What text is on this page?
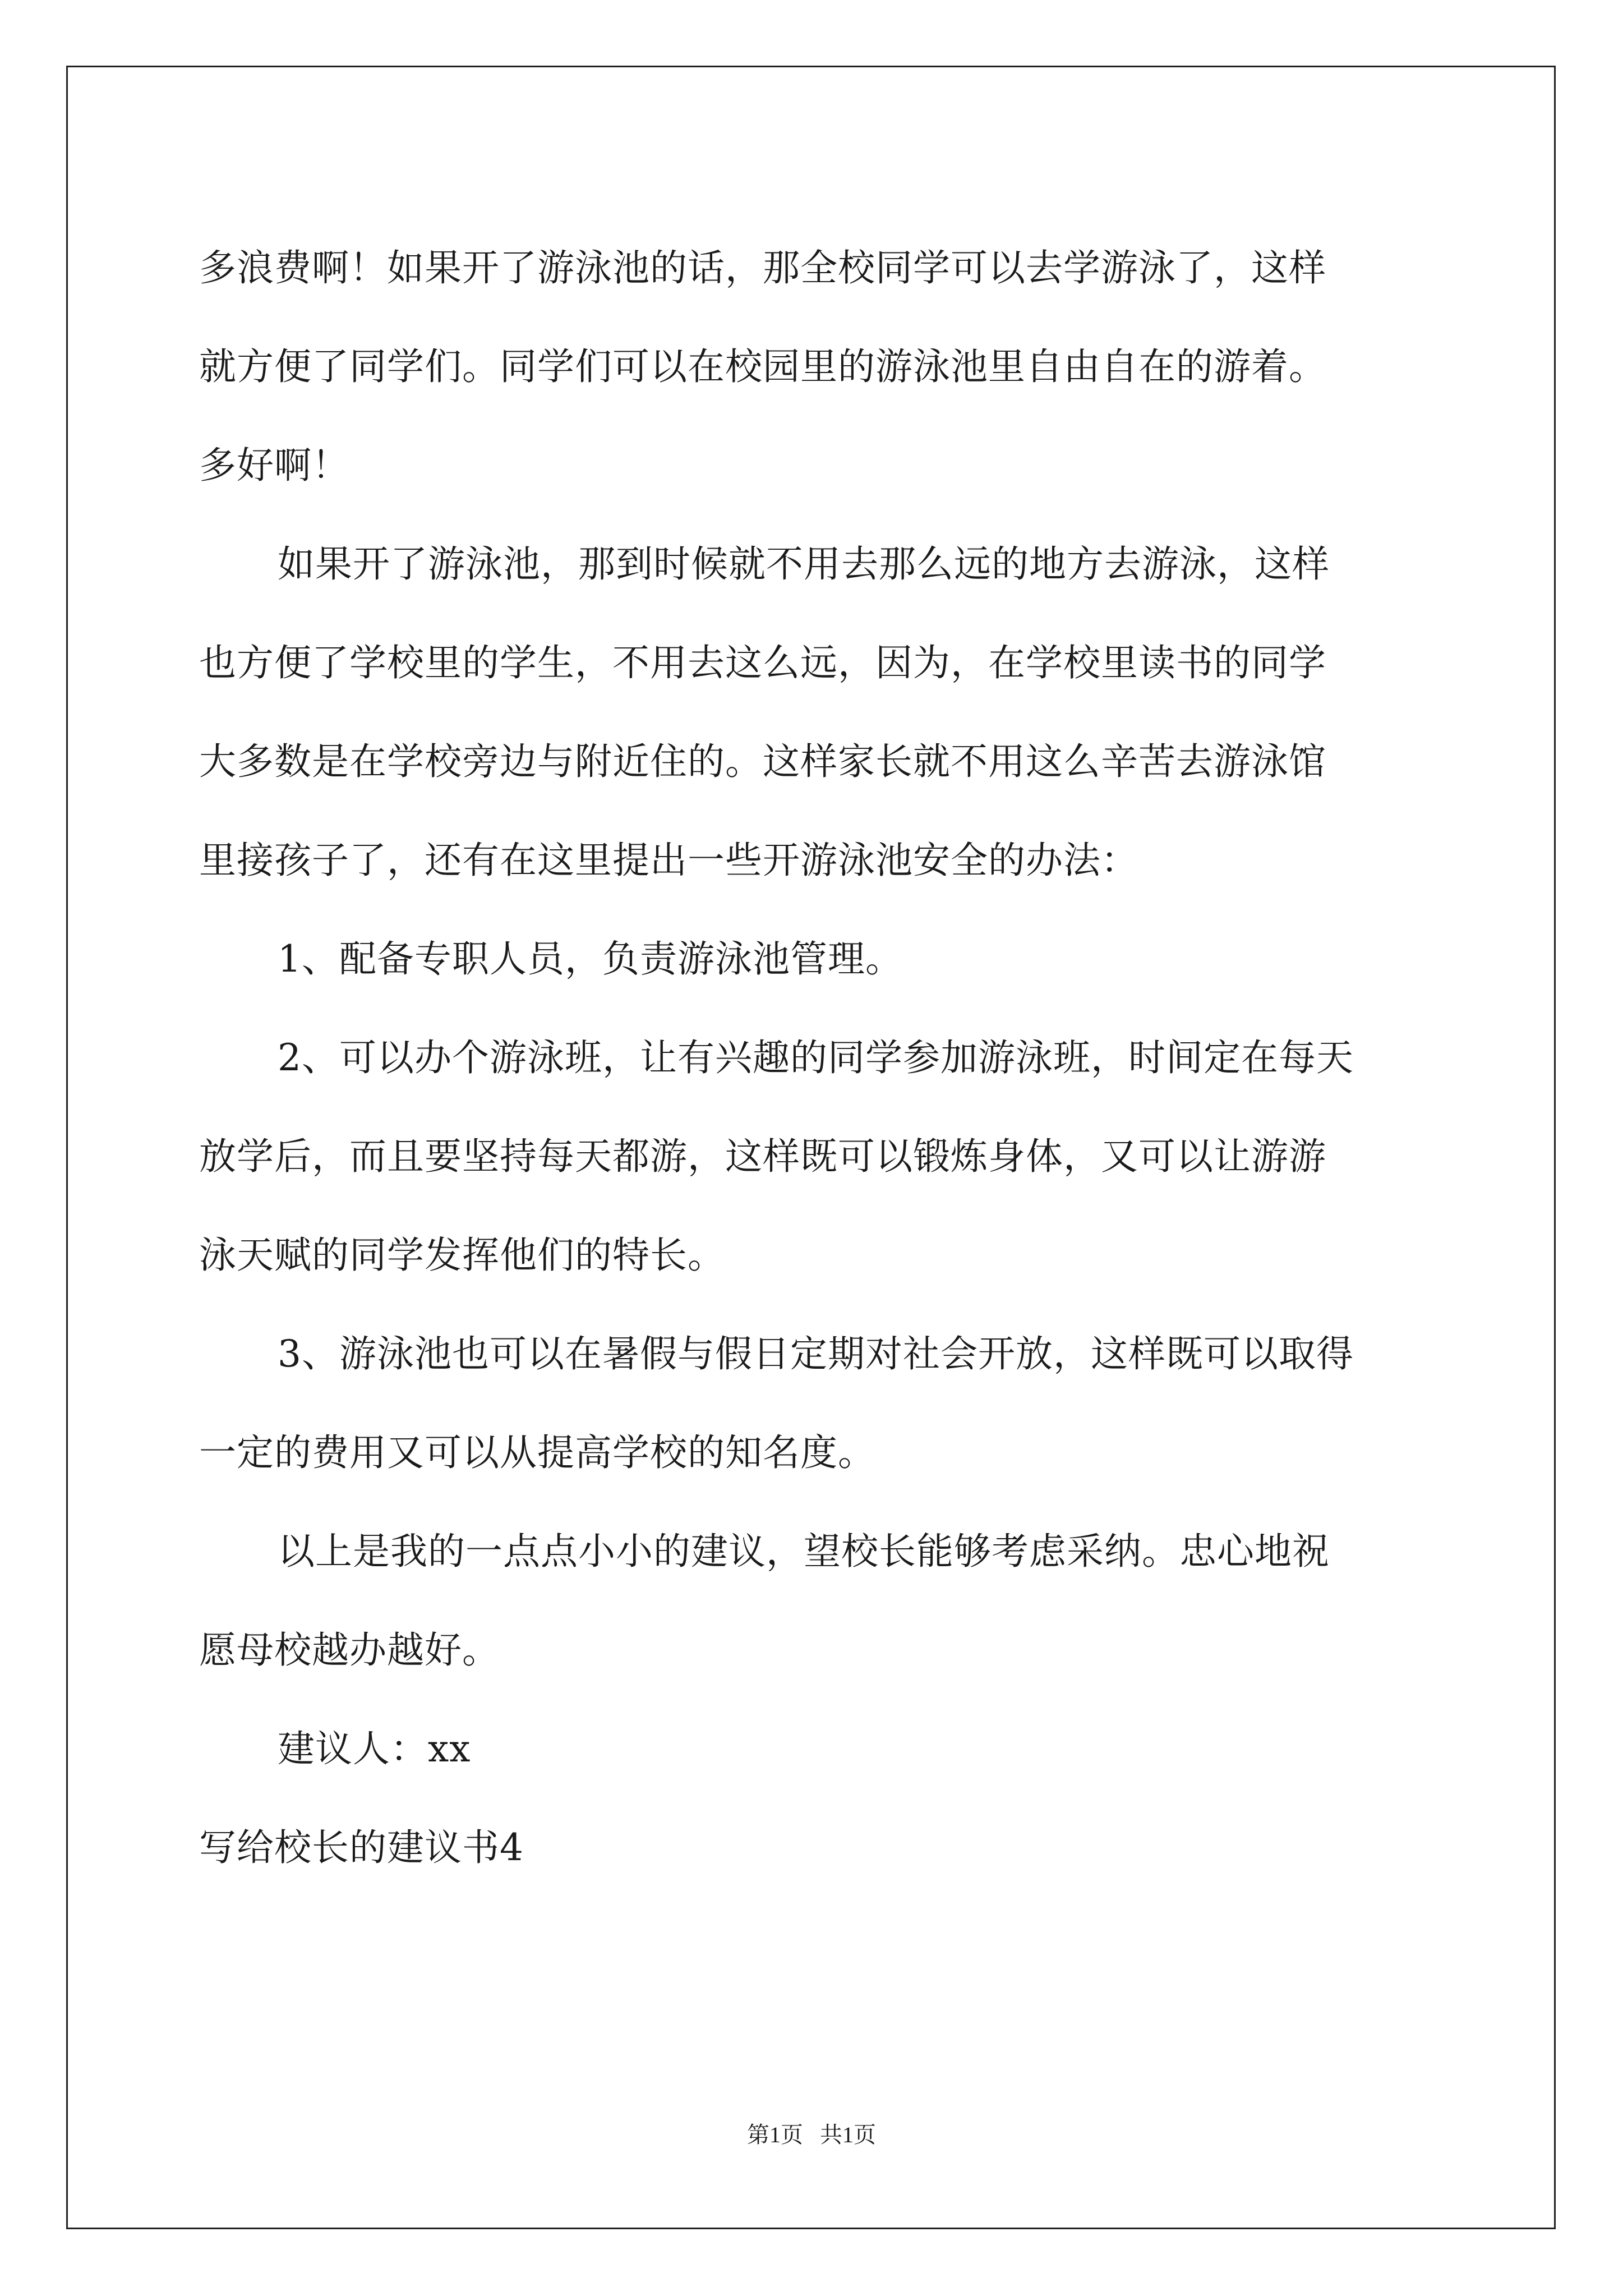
多浪费啊！如果开了游泳池的话，那全校同学可以去学游泳了，这样
就方便了同学们。同学们可以在校园里的游泳池里自由自在的游着。
多好啊！
如果开了游泳池，那到时候就不用去那么远的地方去游泳，这样
也方便了学校里的学生，不用去这么远，因为，在学校里读书的同学
大多数是在学校旁边与附近住的。这样家长就不用这么辛苦去游泳馆
里接孩子了，还有在这里提出一些开游泳池安全的办法：
1、配备专职人员，负责游泳池管理。
2、可以办个游泳班，让有兴趣的同学参加游泳班，时间定在每天
放学后，而且要坚持每天都游，这样既可以锻炼身体，又可以让游游
泳天赋的同学发挥他们的特长。
3、游泳池也可以在暑假与假日定期对社会开放，这样既可以取得
一定的费用又可以从提高学校的知名度。
以上是我的一点点小小的建议，望校长能够考虑采纳。忠心地祝
愿母校越办越好。
建议人：xx
写给校长的建议书4
第1页   共1页
